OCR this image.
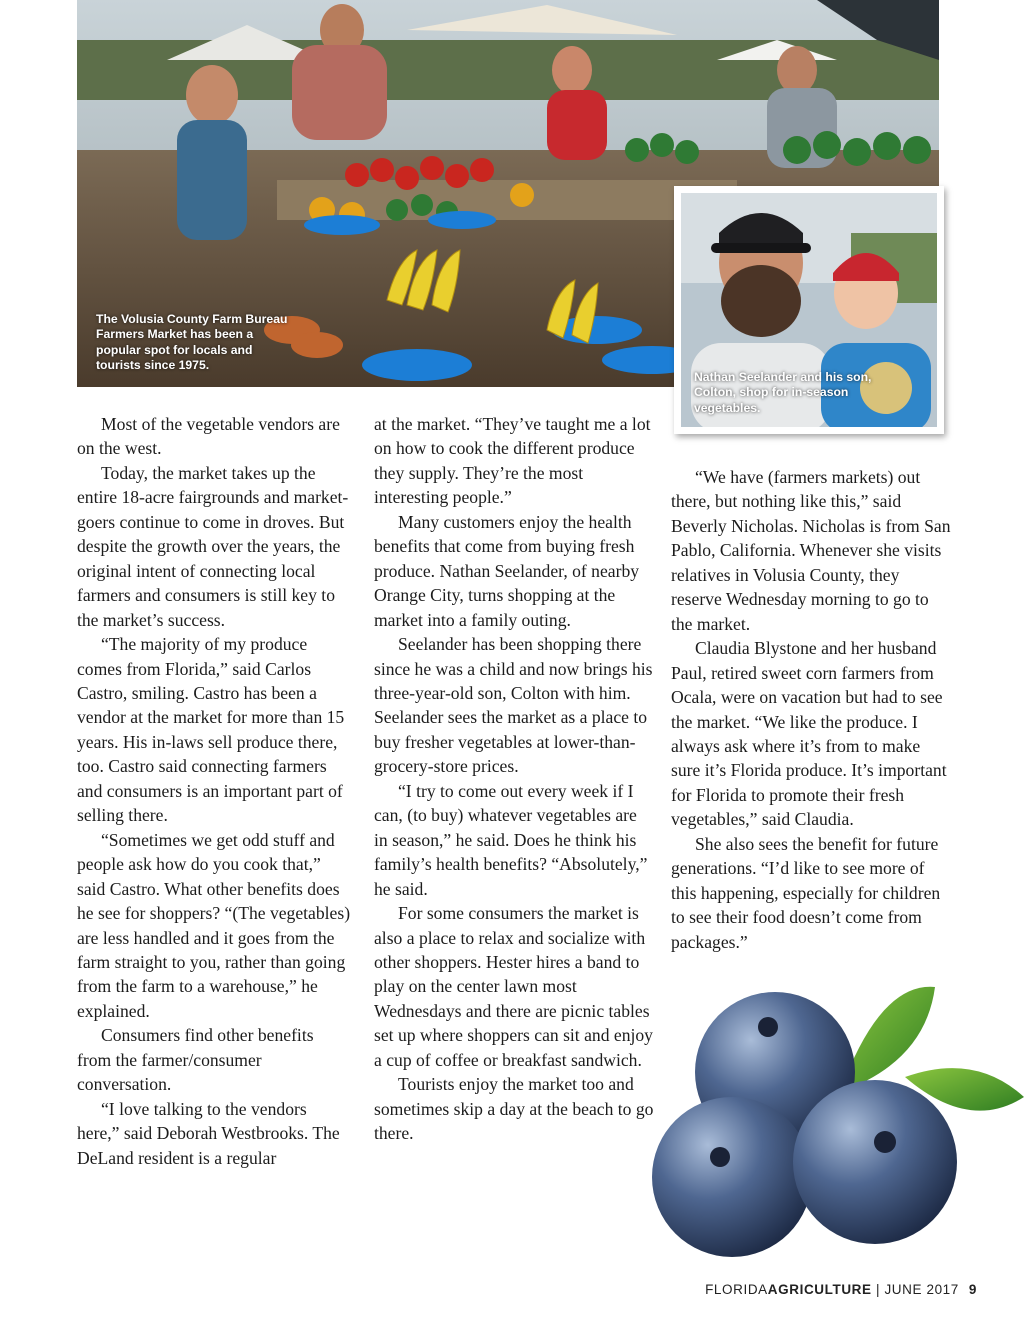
The Volusia County Farm Bureau Farmers Market has been a popular spot for locals and tourists since 1975.
Nathan Seelander and his son, Colton, shop for in-season vegetables.

Most of the vegetable vendors are on the west.

Today, the market takes up the entire 18-acre fairgrounds and market-goers continue to come in droves. But despite the growth over the years, the original intent of connecting local farmers and consumers is still key to the market’s success.

“The majority of my produce comes from Florida,” said Carlos Castro, smiling. Castro has been a vendor at the market for more than 15 years. His in-laws sell produce there, too. Castro said connecting farmers and consumers is an important part of selling there.

“Sometimes we get odd stuff and people ask how do you cook that,” said Castro. What other benefits does he see for shoppers? “(The vegetables) are less handled and it goes from the farm straight to you, rather than going from the farm to a warehouse,” he explained.

Consumers find other benefits from the farmer/consumer conversation.

“I love talking to the vendors here,” said Deborah Westbrooks. The DeLand resident is a regular

at the market. “They’ve taught me a lot on how to cook the different produce they supply. They’re the most interesting people.”

Many customers enjoy the health benefits that come from buying fresh produce. Nathan Seelander, of nearby Orange City, turns shopping at the market into a family outing.

Seelander has been shopping there since he was a child and now brings his three-year-old son, Colton with him. Seelander sees the market as a place to buy fresher vegetables at lower-than-grocery-store prices.

“I try to come out every week if I can, (to buy) whatever vegetables are in season,” he said. Does he think his family’s health benefits? “Absolutely,” he said.

For some consumers the market is also a place to relax and socialize with other shoppers. Hester hires a band to play on the center lawn most Wednesdays and there are picnic tables set up where shoppers can sit and enjoy a cup of coffee or breakfast sandwich.

Tourists enjoy the market too and sometimes skip a day at the beach to go there.

“We have (farmers markets) out there, but nothing like this,” said Beverly Nicholas. Nicholas is from San Pablo, California. Whenever she visits relatives in Volusia County, they reserve Wednesday morning to go to the market.

Claudia Blystone and her husband Paul, retired sweet corn farmers from Ocala, were on vacation but had to see the market. “We like the produce. I always ask where it’s from to make sure it’s Florida produce. It’s important for Florida to promote their fresh vegetables,” said Claudia.

She also sees the benefit for future generations. “I’d like to see more of this happening, especially for children to see their food doesn’t come from packages.”

FLORIDAAGRICULTURE | JUNE 2017 9
